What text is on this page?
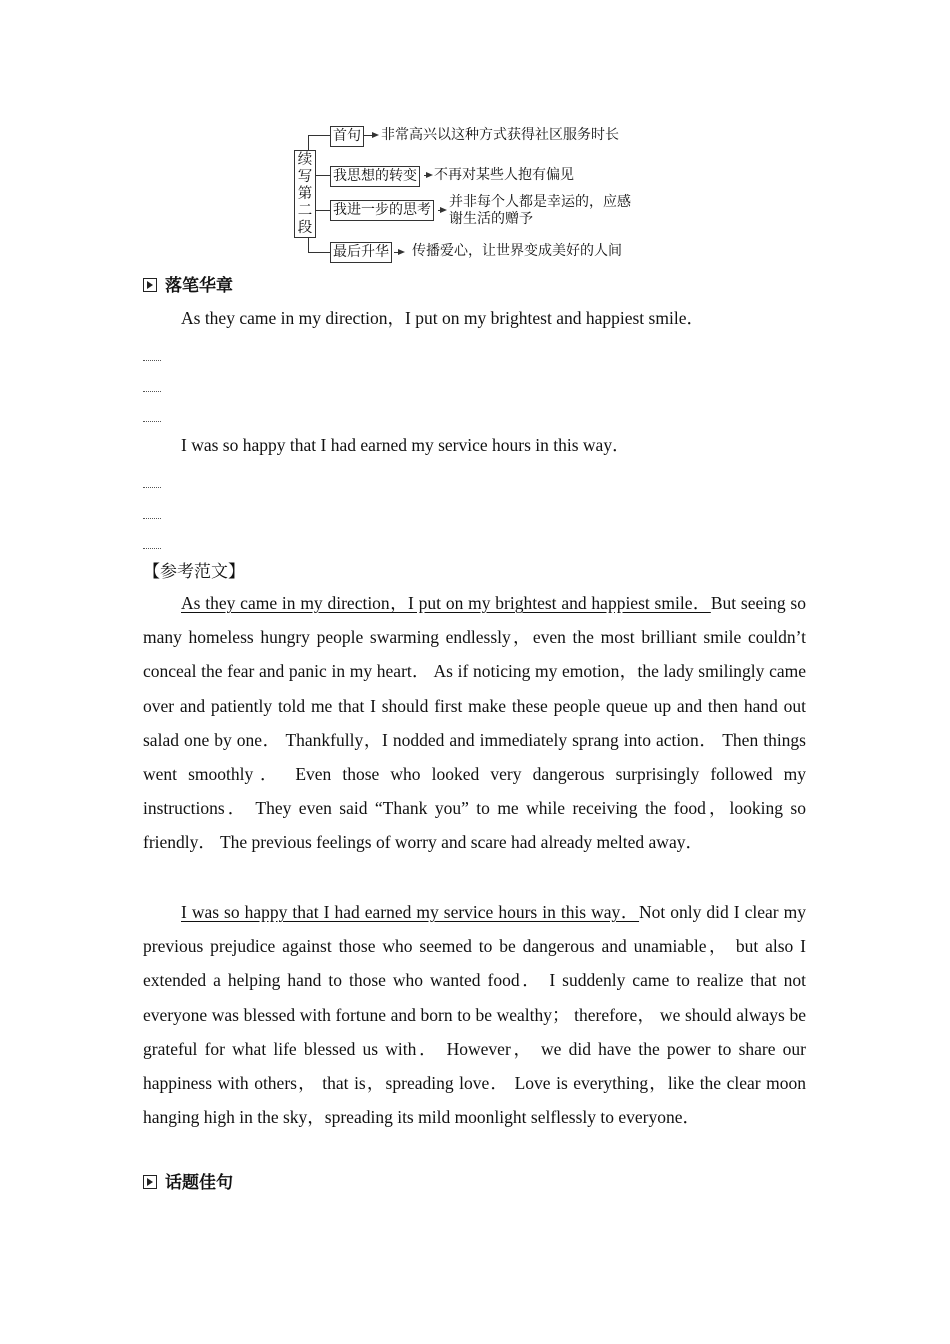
续
写
第
二
段
首句 非常高兴以这种方式获得社区服务时长
我思想的转变 不再对某些人抱有偏见
我进一步的思考 并非每个人都是幸运的，应感
谢生活的赠予
最后升华 传播爱心，让世界变成美好的人间
落笔华章
As they came in my direction，I put on my brightest and happiest smile．
I was so happy that I had earned my service hours in this way．
【参考范文】
As they came in my direction，I put on my brightest and happiest smile．But seeing so many homeless hungry people swarming endlessly，even the most brilliant smile couldn’t conceal the fear and panic in my heart． As if noticing my emotion，the lady smilingly came over and patiently told me that I should first make these people queue up and then hand out salad one by one． Thankfully，I nodded and immediately sprang into action． Then things went smoothly． Even those who looked very dangerous surprisingly followed my instructions． They even said “Thank you” to me while receiving the food，looking so friendly． The previous feelings of worry and scare had already melted away．
I was so happy that I had earned my service hours in this way．Not only did I clear my previous prejudice against those who seemed to be dangerous and unamiable， but also I extended a helping hand to those who wanted food． I suddenly came to realize that not everyone was blessed with fortune and born to be wealthy； therefore， we should always be grateful for what life blessed us with． However， we did have the power to share our happiness with others， that is，spreading love． Love is everything，like the clear moon hanging high in the sky，spreading its mild moonlight selflessly to everyone．
话题佳句
